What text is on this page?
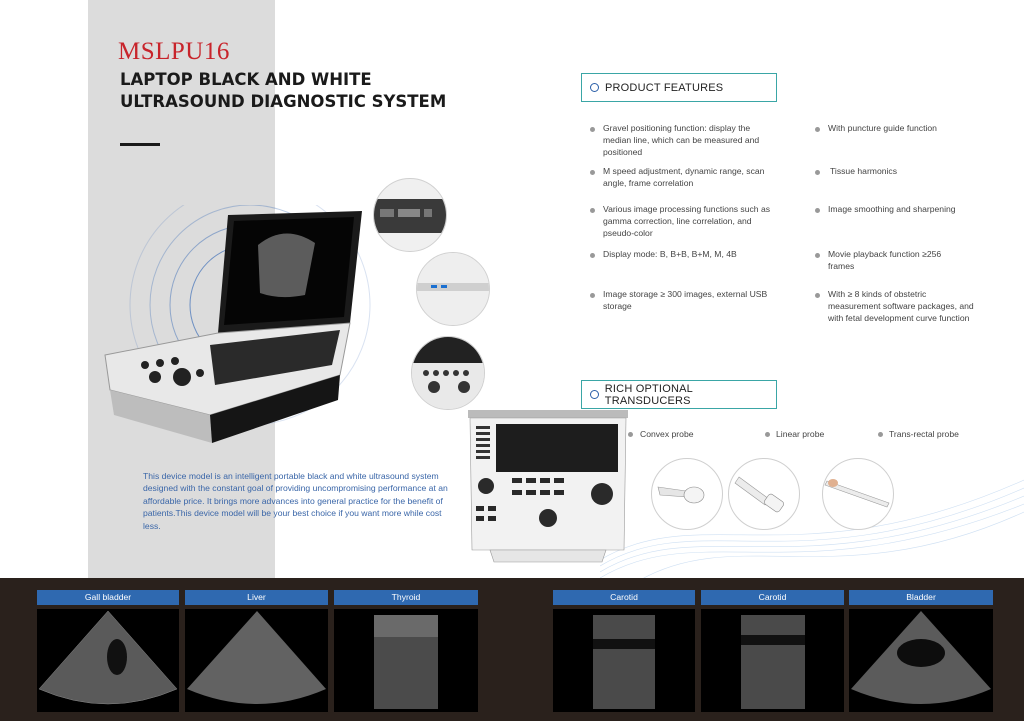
MSLPU16
LAPTOP BLACK AND WHITE
ULTRASOUND DIAGNOSTIC SYSTEM
This device model is an intelligent portable black and white ultrasound system designed with the constant goal of providing uncompromising performance at an affordable price. It brings more advances into general practice for the benefit of patients.This device model will be your best choice if you want more while cost less.
PRODUCT FEATURES
Gravel positioning function: display the median line, which can be measured and positioned
M speed adjustment, dynamic range, scan angle, frame correlation
Various image processing functions such as gamma correction, line correlation, and pseudo-color
Display mode: B, B+B, B+M, M, 4B
Image storage ≥ 300 images, external USB storage
With puncture guide function
Tissue harmonics
Image smoothing and sharpening
Movie playback function ≥256 frames
With ≥ 8 kinds of obstetric measurement software packages, and with fetal development curve function
RICH OPTIONAL TRANSDUCERS
Convex probe	Linear probe	Trans-rectal probe
Gall bladder	Liver	Thyroid	Carotid	Carotid	Bladder
